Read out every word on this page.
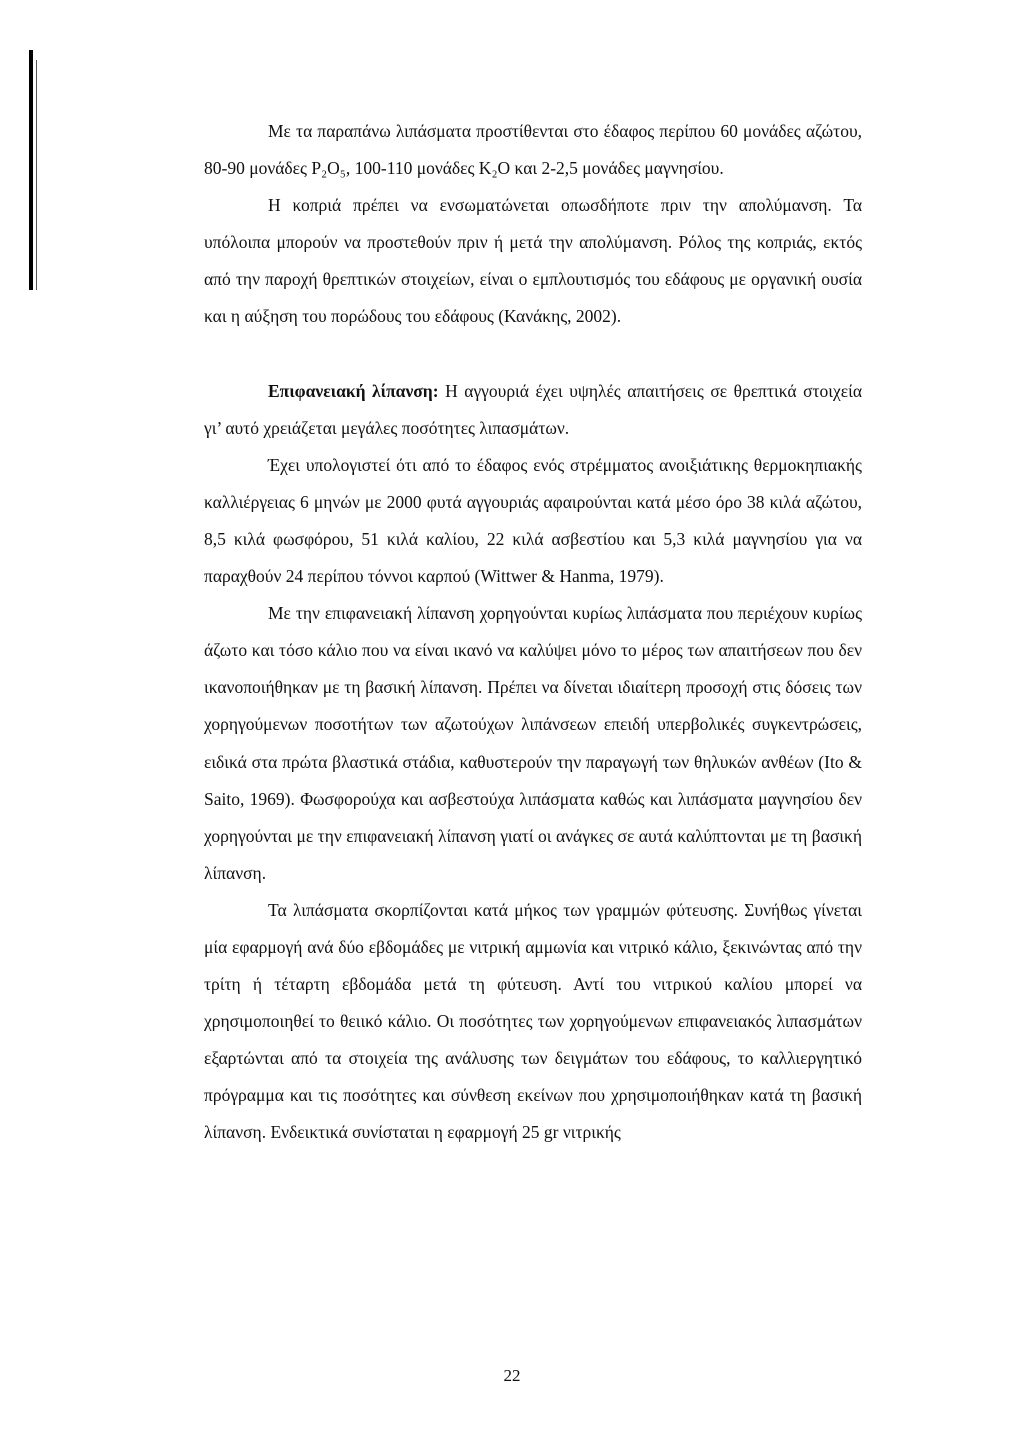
Με τα παραπάνω λιπάσματα προστίθενται στο έδαφος περίπου 60 μονάδες αζώτου, 80-90 μονάδες P₂O₅, 100-110 μονάδες K₂O και 2-2,5 μονάδες μαγνησίου.

Η κοπριά πρέπει να ενσωματώνεται οπωσδήποτε πριν την απολύμανση. Τα υπόλοιπα μπορούν να προστεθούν πριν ή μετά την απολύμανση. Ρόλος της κοπριάς, εκτός από την παροχή θρεπτικών στοιχείων, είναι ο εμπλουτισμός του εδάφους με οργανική ουσία και η αύξηση του πορώδους του εδάφους (Κανάκης, 2002).

Επιφανειακή λίπανση: Η αγγουριά έχει υψηλές απαιτήσεις σε θρεπτικά στοιχεία γι’ αυτό χρειάζεται μεγάλες ποσότητες λιπασμάτων.

Έχει υπολογιστεί ότι από το έδαφος ενός στρέμματος ανοιξιάτικης θερμοκηπιακής καλλιέργειας 6 μηνών με 2000 φυτά αγγουριάς αφαιρούνται κατά μέσο όρο 38 κιλά αζώτου, 8,5 κιλά φωσφόρου, 51 κιλά καλίου, 22 κιλά ασβεστίου και 5,3 κιλά μαγνησίου για να παραχθούν 24 περίπου τόννοι καρπού (Wittwer & Hanma, 1979).

Με την επιφανειακή λίπανση χορηγούνται κυρίως λιπάσματα που περιέχουν κυρίως άζωτο και τόσο κάλιο που να είναι ικανό να καλύψει μόνο το μέρος των απαιτήσεων που δεν ικανοποιήθηκαν με τη βασική λίπανση. Πρέπει να δίνεται ιδιαίτερη προσοχή στις δόσεις των χορηγούμενων ποσοτήτων των αζωτούχων λιπάνσεων επειδή υπερβολικές συγκεντρώσεις, ειδικά στα πρώτα βλαστικά στάδια, καθυστερούν την παραγωγή των θηλυκών ανθέων (Ito & Saito, 1969). Φωσφορούχα και ασβεστούχα λιπάσματα καθώς και λιπάσματα μαγνησίου δεν χορηγούνται με την επιφανειακή λίπανση γιατί οι ανάγκες σε αυτά καλύπτονται με τη βασική λίπανση.

Τα λιπάσματα σκορπίζονται κατά μήκος των γραμμών φύτευσης. Συνήθως γίνεται μία εφαρμογή ανά δύο εβδομάδες με νιτρική αμμωνία και νιτρικό κάλιο, ξεκινώντας από την τρίτη ή τέταρτη εβδομάδα μετά τη φύτευση. Αντί του νιτρικού καλίου μπορεί να χρησιμοποιηθεί το θειικό κάλιο. Οι ποσότητες των χορηγούμενων επιφανειακός λιπασμάτων εξαρτώνται από τα στοιχεία της ανάλυσης των δειγμάτων του εδάφους, το καλλιεργητικό πρόγραμμα και τις ποσότητες και σύνθεση εκείνων που χρησιμοποιήθηκαν κατά τη βασική λίπανση. Ενδεικτικά συνίσταται η εφαρμογή 25 gr νιτρικής

22
